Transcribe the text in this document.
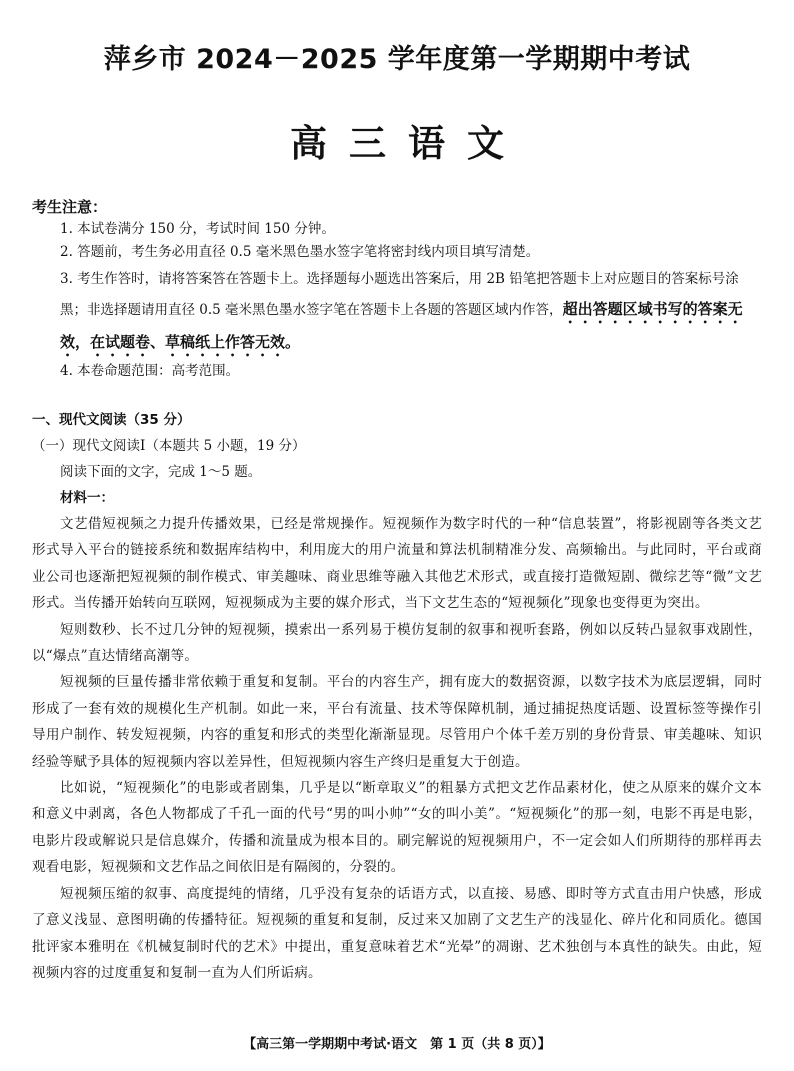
萍乡市 2024－2025 学年度第一学期期中考试
高三语文
考生注意：
1. 本试卷满分 150 分，考试时间 150 分钟。
2. 答题前，考生务必用直径 0.5 毫米黑色墨水签字笔将密封线内项目填写清楚。
3. 考生作答时，请将答案答在答题卡上。选择题每小题选出答案后，用 2B 铅笔把答题卡上对应题目的答案标号涂黑；非选择题请用直径 0.5 毫米黑色墨水签字笔在答题卡上各题的答题区域内作答，超出答题区域书写的答案无效，在试题卷、草稿纸上作答无效。
4. 本卷命题范围：高考范围。
一、现代文阅读（35 分）
（一）现代文阅读Ⅰ（本题共 5 小题，19 分）
阅读下面的文字，完成 1～5 题。
材料一：

文艺借短视频之力提升传播效果，已经是常规操作。短视频作为数字时代的一种“信息装置”，将影视剧等各类文艺形式导入平台的链接系统和数据库结构中，利用庞大的用户流量和算法机制精准分发、高频输出。与此同时，平台或商业公司也逐渐把短视频的制作模式、审美趣味、商业思维等融入其他艺术形式，或直接打造微短剧、微综艺等“微”文艺形式。当传播开始转向互联网，短视频成为主要的媒介形式，当下文艺生态的“短视频化”现象也变得更为突出。

短则数秒、长不过几分钟的短视频，摸索出一系列易于模仿复制的叙事和视听套路，例如以反转凸显叙事戏剧性，以“爆点”直达情绪高潮等。

短视频的巨量传播非常依赖于重复和复制。平台的内容生产，拥有庞大的数据资源，以数字技术为底层逻辑，同时形成了一套有效的规模化生产机制。如此一来，平台有流量、技术等保障机制，通过捕捉热度话题、设置标签等操作引导用户制作、转发短视频，内容的重复和形式的类型化渐渐显现。尽管用户个体千差万别的身份背景、审美趣味、知识经验等赋予具体的短视频内容以差异性，但短视频内容生产终归是重复大于创造。

比如说，“短视频化”的电影或者剧集，几乎是以“断章取义”的粗暴方式把文艺作品素材化，使之从原来的媒介文本和意义中剥离，各色人物都成了千孔一面的代号“男的叫小帅”“女的叫小美”。“短视频化”的那一刻，电影不再是电影，电影片段或解说只是信息媒介，传播和流量成为根本目的。刷完解说的短视频用户，不一定会如人们所期待的那样再去观看电影，短视频和文艺作品之间依旧是有隔阂的，分裂的。

短视频压缩的叙事、高度提纯的情绪，几乎没有复杂的话语方式，以直接、易感、即时等方式直击用户快感，形成了意义浅显、意图明确的传播特征。短视频的重复和复制，反过来又加剧了文艺生产的浅显化、碎片化和同质化。德国批评家本雅明在《机械复制时代的艺术》中提出，重复意味着艺术“光晕”的凋谢、艺术独创与本真性的缺失。由此，短视频内容的过度重复和复制一直为人们所诟病。

【高三第一学期期中考试·语文　第 1 页（共 8 页）】
